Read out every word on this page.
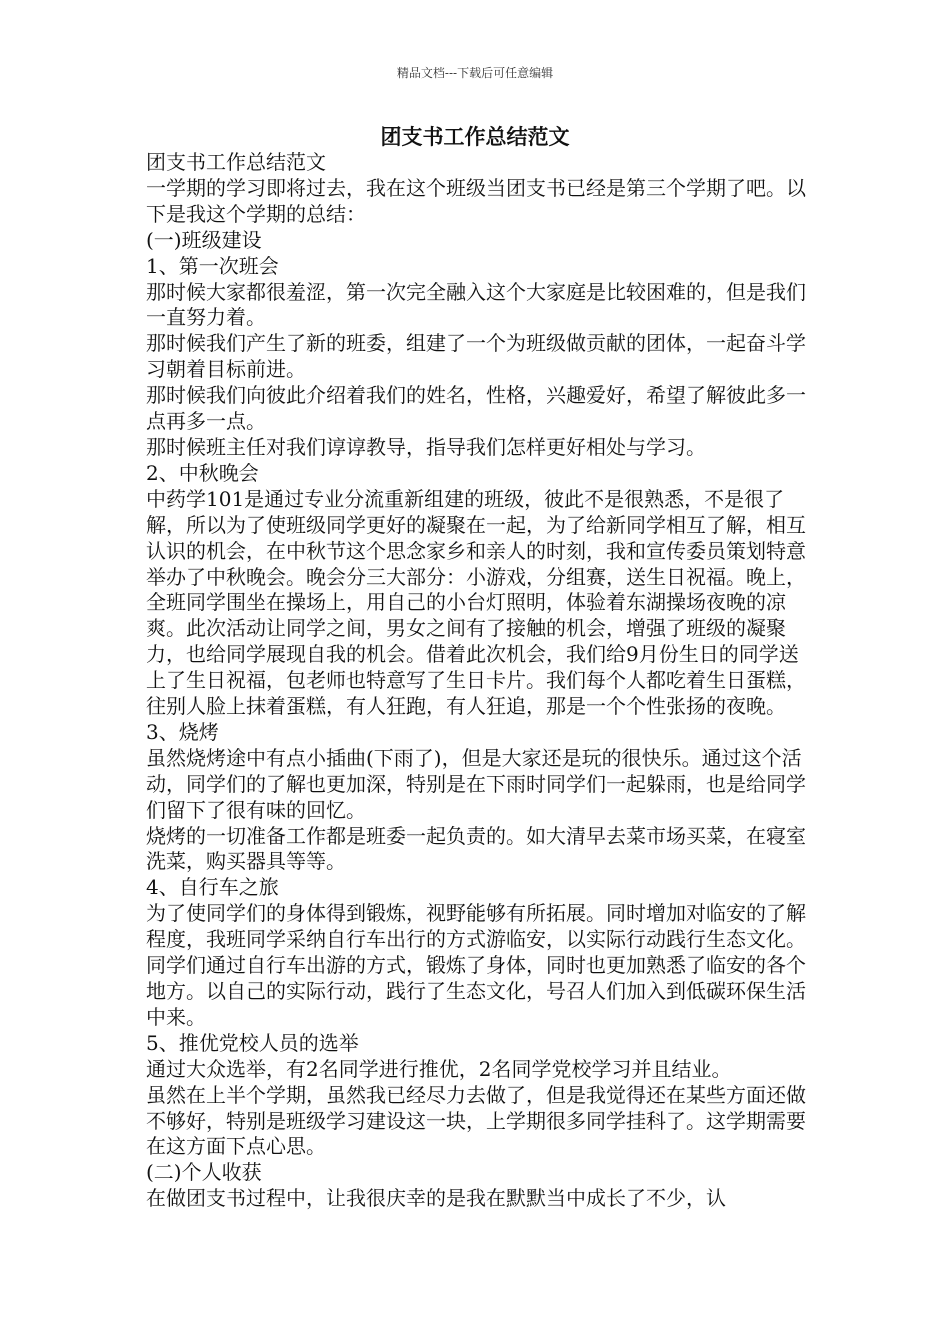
精品文档---下载后可任意编辑
团支书工作总结范文

团支书工作总结范文

一学期的学习即将过去，我在这个班级当团支书已经是第三个学期了吧。以下是我这个学期的总结：

(一)班级建设

1、第一次班会

那时候大家都很羞涩，第一次完全融入这个大家庭是比较困难的，但是我们一直努力着。

那时候我们产生了新的班委，组建了一个为班级做贡献的团体，一起奋斗学习朝着目标前进。

那时候我们向彼此介绍着我们的姓名，性格，兴趣爱好，希望了解彼此多一点再多一点。

那时候班主任对我们谆谆教导，指导我们怎样更好相处与学习。

2、中秋晚会

中药学101是通过专业分流重新组建的班级，彼此不是很熟悉，不是很了解，所以为了使班级同学更好的凝聚在一起，为了给新同学相互了解，相互认识的机会，在中秋节这个思念家乡和亲人的时刻，我和宣传委员策划特意举办了中秋晚会。晚会分三大部分：小游戏，分组赛，送生日祝福。晚上，全班同学围坐在操场上，用自己的小台灯照明，体验着东湖操场夜晚的凉爽。此次活动让同学之间，男女之间有了接触的机会，增强了班级的凝聚力，也给同学展现自我的机会。借着此次机会，我们给9月份生日的同学送上了生日祝福，包老师也特意写了生日卡片。我们每个人都吃着生日蛋糕，往别人脸上抹着蛋糕，有人狂跑，有人狂追，那是一个个性张扬的夜晚。

3、烧烤

虽然烧烤途中有点小插曲(下雨了)，但是大家还是玩的很快乐。通过这个活动，同学们的了解也更加深，特别是在下雨时同学们一起躲雨，也是给同学们留下了很有味的回忆。

烧烤的一切准备工作都是班委一起负责的。如大清早去菜市场买菜，在寝室洗菜，购买器具等等。

4、自行车之旅

为了使同学们的身体得到锻炼，视野能够有所拓展。同时增加对临安的了解程度，我班同学采纳自行车出行的方式游临安，以实际行动践行生态文化。

同学们通过自行车出游的方式，锻炼了身体，同时也更加熟悉了临安的各个地方。以自己的实际行动，践行了生态文化，号召人们加入到低碳环保生活中来。

5、推优党校人员的选举

通过大众选举，有2名同学进行推优，2名同学党校学习并且结业。

虽然在上半个学期，虽然我已经尽力去做了，但是我觉得还在某些方面还做不够好，特别是班级学习建设这一块，上学期很多同学挂科了。这学期需要在这方面下点心思。

(二)个人收获

在做团支书过程中，让我很庆幸的是我在默默当中成长了不少，认
